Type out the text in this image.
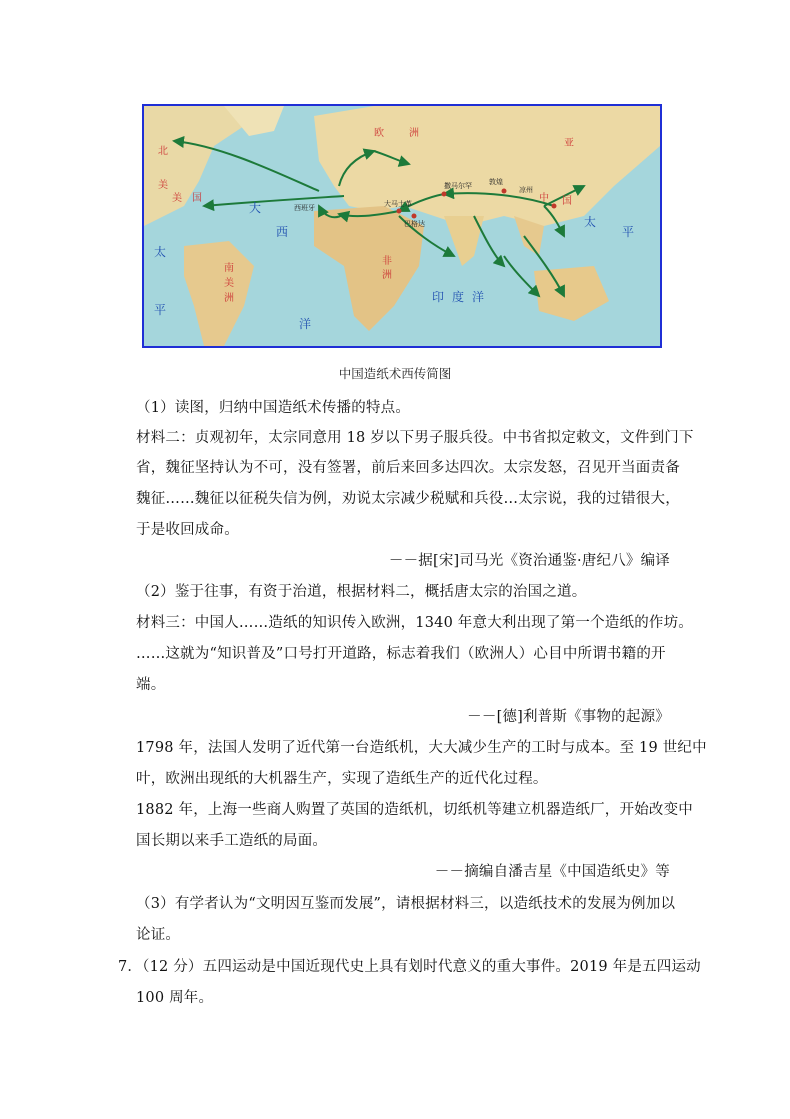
北
美
美 国
大
西
洋
南
美
洲
太
平
欧	洲
非
洲
亚
印 度 洋
太
平
撒马尔罕 敦煌
凉州
巴格达
大马士革
西班牙
中 国
中国造纸术西传简图
（1）读图，归纳中国造纸术传播的特点。
材料二：贞观初年，太宗同意用 18 岁以下男子服兵役。中书省拟定敕文，文件到门下
省，魏征坚持认为不可，没有签署，前后来回多达四次。太宗发怒，召见开当面责备
魏征……魏征以征税失信为例，劝说太宗减少税赋和兵役…太宗说，我的过错很大，
于是收回成命。
－－据[宋]司马光《资治通鉴·唐纪八》编译
（2）鉴于往事，有资于治道，根据材料二，概括唐太宗的治国之道。
材料三：中国人……造纸的知识传入欧洲，1340 年意大利出现了第一个造纸的作坊。
……这就为“知识普及”口号打开道路，标志着我们（欧洲人）心目中所谓书籍的开
端。
－－[德]利普斯《事物的起源》
1798 年，法国人发明了近代第一台造纸机，大大减少生产的工时与成本。至 19 世纪中
叶，欧洲出现纸的大机器生产，实现了造纸生产的近代化过程。
1882 年，上海一些商人购置了英国的造纸机，切纸机等建立机器造纸厂，开始改变中
国长期以来手工造纸的局面。
－－摘编自潘吉星《中国造纸史》等
（3）有学者认为“文明因互鉴而发展”，请根据材料三，以造纸技术的发展为例加以
论证。
7．（12 分）五四运动是中国近现代史上具有划时代意义的重大事件。2019 年是五四运动
100 周年。
